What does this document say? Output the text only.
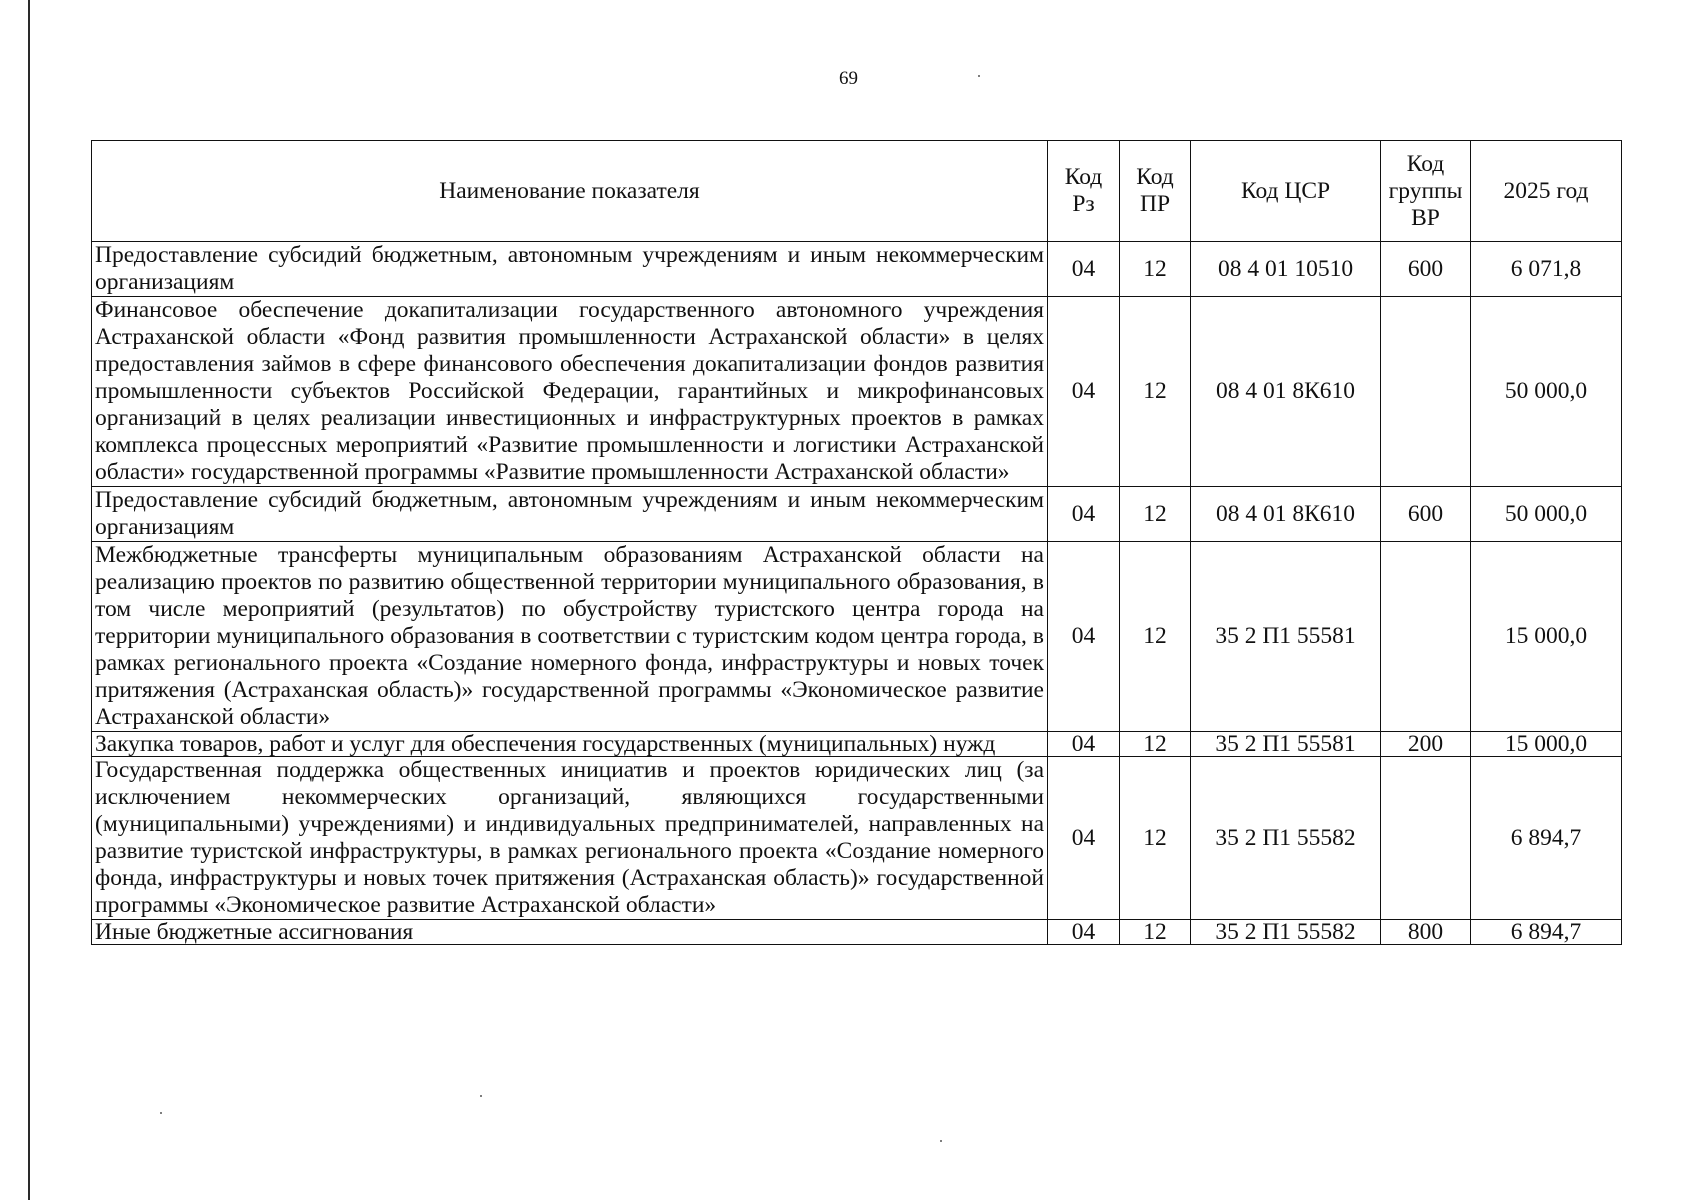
69
Наименование показателя	Код Рз	Код ПР	Код ЦСР	Код группы ВР	2025 год
Предоставление субсидий бюджетным, автономным учреждениям и иным некоммерческим организациям	04	12	08 4 01 10510	600	6 071,8
Финансовое обеспечение докапитализации государственного автономного учреждения Астраханской области «Фонд развития промышленности Астраханской области» в целях предоставления займов в сфере финансового обеспечения докапитализации фондов развития промышленности субъектов Российской Федерации, гарантийных и микрофинансовых организаций в целях реализации инвестиционных и инфраструктурных проектов в рамках комплекса процессных мероприятий «Развитие промышленности и логистики Астраханской области» государственной программы «Развитие промышленности Астраханской области»	04	12	08 4 01 8К610		50 000,0
Предоставление субсидий бюджетным, автономным учреждениям и иным некоммерческим организациям	04	12	08 4 01 8К610	600	50 000,0
Межбюджетные трансферты муниципальным образованиям Астраханской области на реализацию проектов по развитию общественной территории муниципального образования, в том числе мероприятий (результатов) по обустройству туристского центра города на территории муниципального образования в соответствии с туристским кодом центра города, в рамках регионального проекта «Создание номерного фонда, инфраструктуры и новых точек притяжения (Астраханская область)» государственной программы «Экономическое развитие Астраханской области»	04	12	35 2 П1 55581		15 000,0
Закупка товаров, работ и услуг для обеспечения государственных (муниципальных) нужд	04	12	35 2 П1 55581	200	15 000,0
Государственная поддержка общественных инициатив и проектов юридических лиц (за исключением некоммерческих организаций, являющихся государственными (муниципальными) учреждениями) и индивидуальных предпринимателей, направленных на развитие туристской инфраструктуры, в рамках регионального проекта «Создание номерного фонда, инфраструктуры и новых точек притяжения (Астраханская область)» государственной программы «Экономическое развитие Астраханской области»	04	12	35 2 П1 55582		6 894,7
Иные бюджетные ассигнования	04	12	35 2 П1 55582	800	6 894,7
